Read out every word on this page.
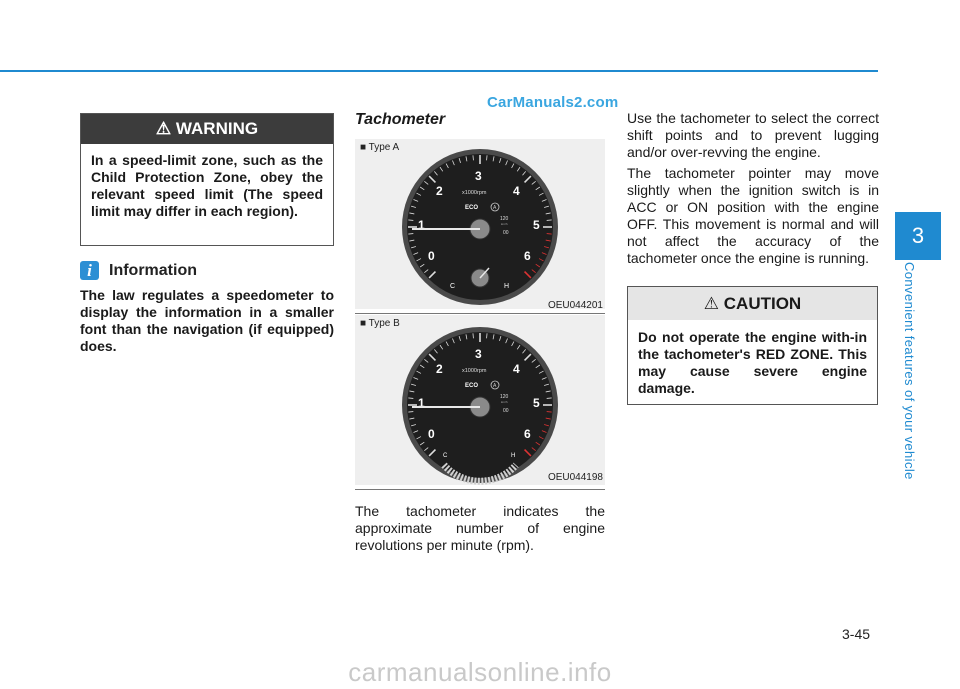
CarManuals2.com
⚠ WARNING
In a speed-limit zone, such as the Child Protection Zone, obey the relevant speed limit (The speed limit may differ in each region).
i	Information
The law regulates a speedometer to display the information in a smaller font than the navigation (if equipped) does.
Tachometer
■ Type A
0
1
2
3
4
5
6
x1000rpm
ECO	A
120
km/h
00
C	H
OEU044201
■ Type B
0
1
2
3
4
5
6
x1000rpm
ECO	A
120
km/h
00
C	H
OEU044198
The tachometer indicates the approximate number of engine revolutions per minute (rpm).
Use the tachometer to select the correct shift points and to prevent lugging and/or over-revving the engine.
The tachometer pointer may move slightly when the ignition switch is in ACC or ON position with the engine OFF. This movement is normal and will not affect the accuracy of the tachometer once the engine is running.
⚠ CAUTION
Do not operate the engine with-in the tachometer's RED ZONE. This may cause severe engine damage.
3
Convenient features of your vehicle
3-45
carmanualsonline.info
